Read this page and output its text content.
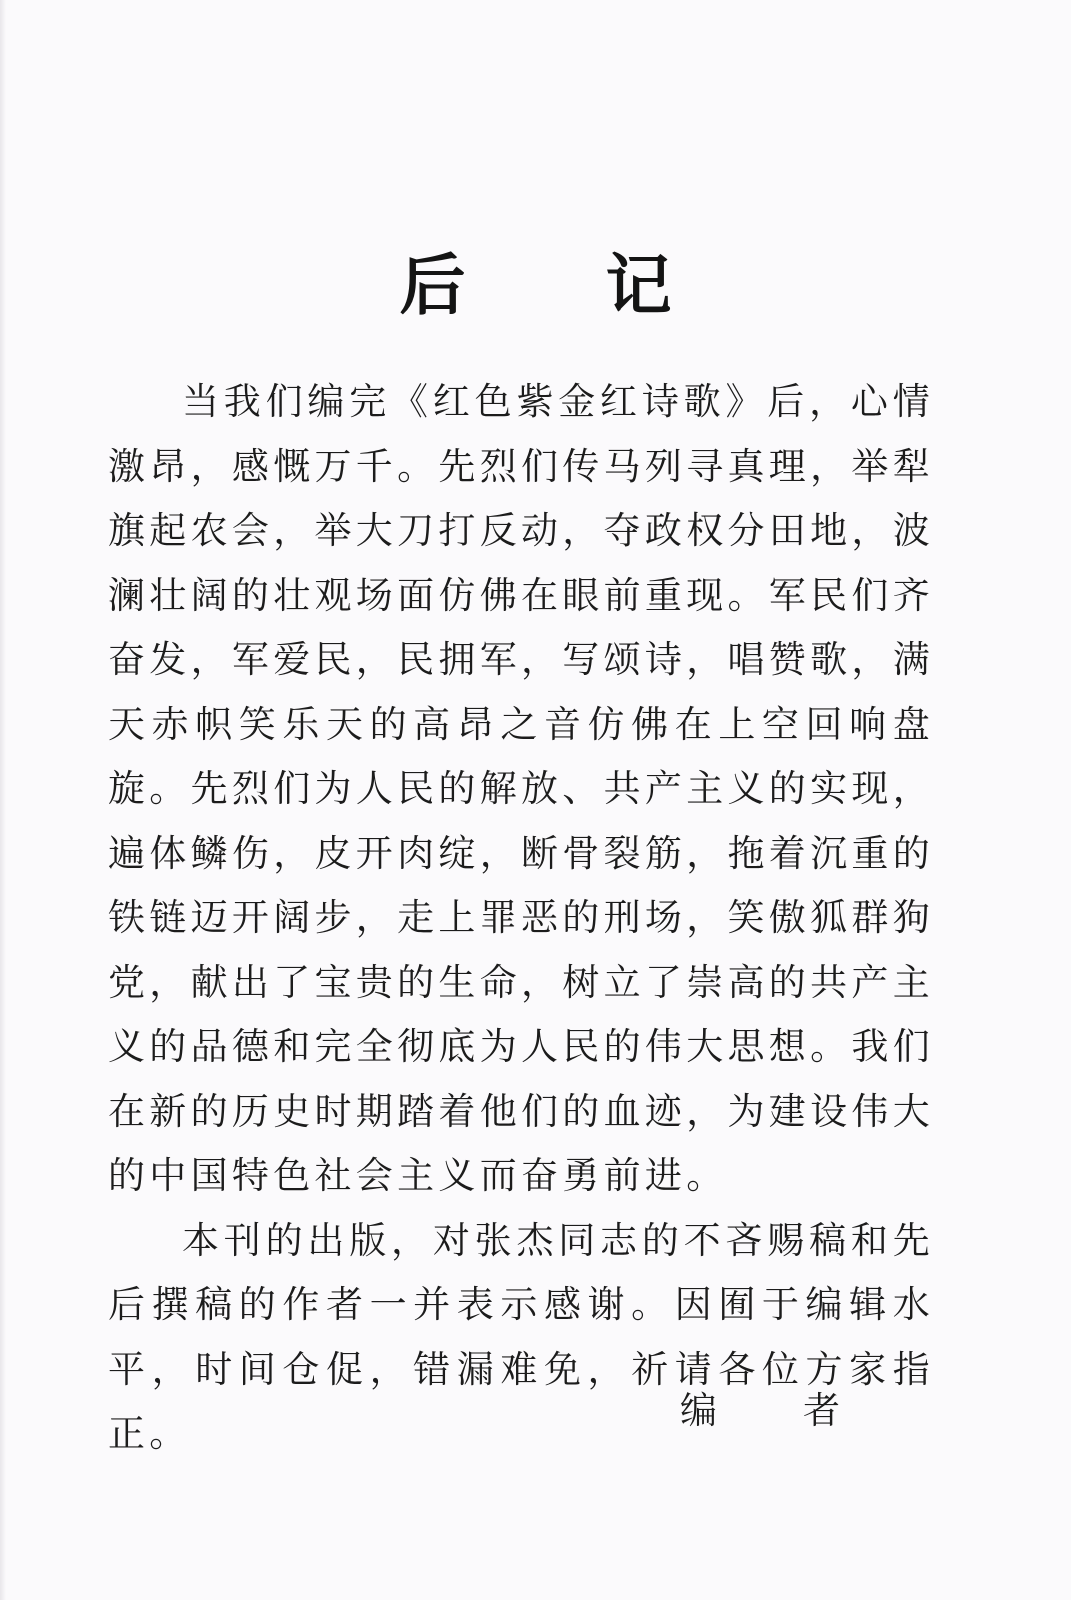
后 记

当我们编完《红色紫金红诗歌》后，心情激昂，感慨万千。先烈们传马列寻真理，举犁旗起农会，举大刀打反动，夺政权分田地，波澜壮阔的壮观场面仿佛在眼前重现。军民们齐奋发，军爱民，民拥军，写颂诗，唱赞歌，满天赤帜笑乐天的高昂之音仿佛在上空回响盘旋。先烈们为人民的解放、共产主义的实现，遍体鳞伤，皮开肉绽，断骨裂筋，拖着沉重的铁链迈开阔步，走上罪恶的刑场，笑傲狐群狗党，献出了宝贵的生命，树立了崇高的共产主义的品德和完全彻底为人民的伟大思想。我们在新的历史时期踏着他们的血迹，为建设伟大的中国特色社会主义而奋勇前进。

本刊的出版，对张杰同志的不吝赐稿和先后撰稿的作者一并表示感谢。因囿于编辑水平，时间仓促，错漏难免，祈请各位方家指正。

编 者
